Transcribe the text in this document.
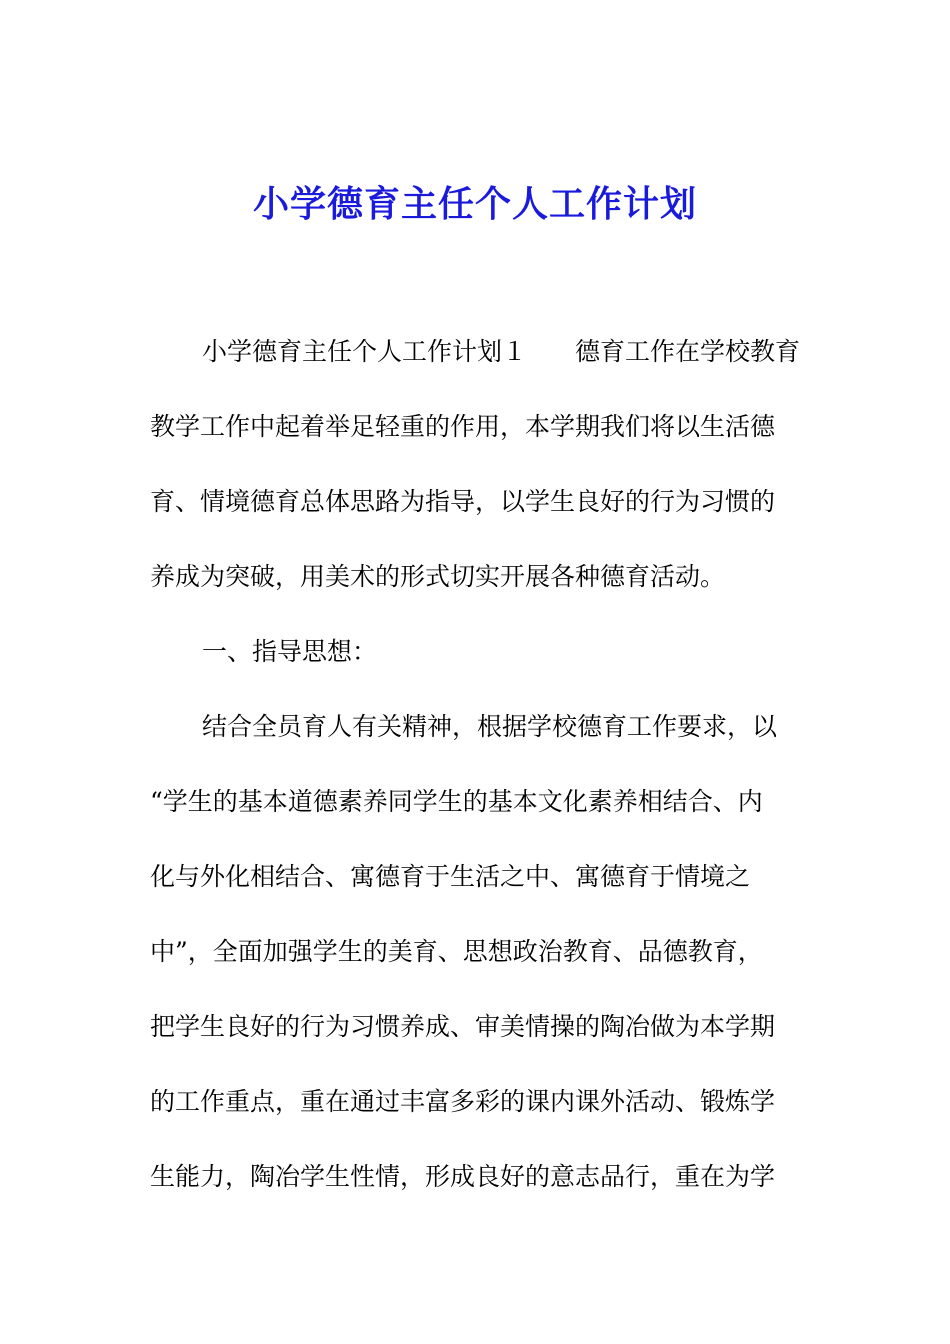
小学德育主任个人工作计划
小学德育主任个人工作计划１ 德育工作在学校教育
教学工作中起着举足轻重的作用，本学期我们将以生活德
育、情境德育总体思路为指导，以学生良好的行为习惯的
养成为突破，用美术的形式切实开展各种德育活动。
一、指导思想：
结合全员育人有关精神，根据学校德育工作要求，以
“学生的基本道德素养同学生的基本文化素养相结合、内
化与外化相结合、寓德育于生活之中、寓德育于情境之
中”，全面加强学生的美育、思想政治教育、品德教育，
把学生良好的行为习惯养成、审美情操的陶冶做为本学期
的工作重点，重在通过丰富多彩的课内课外活动、锻炼学
生能力，陶冶学生性情，形成良好的意志品行，重在为学
